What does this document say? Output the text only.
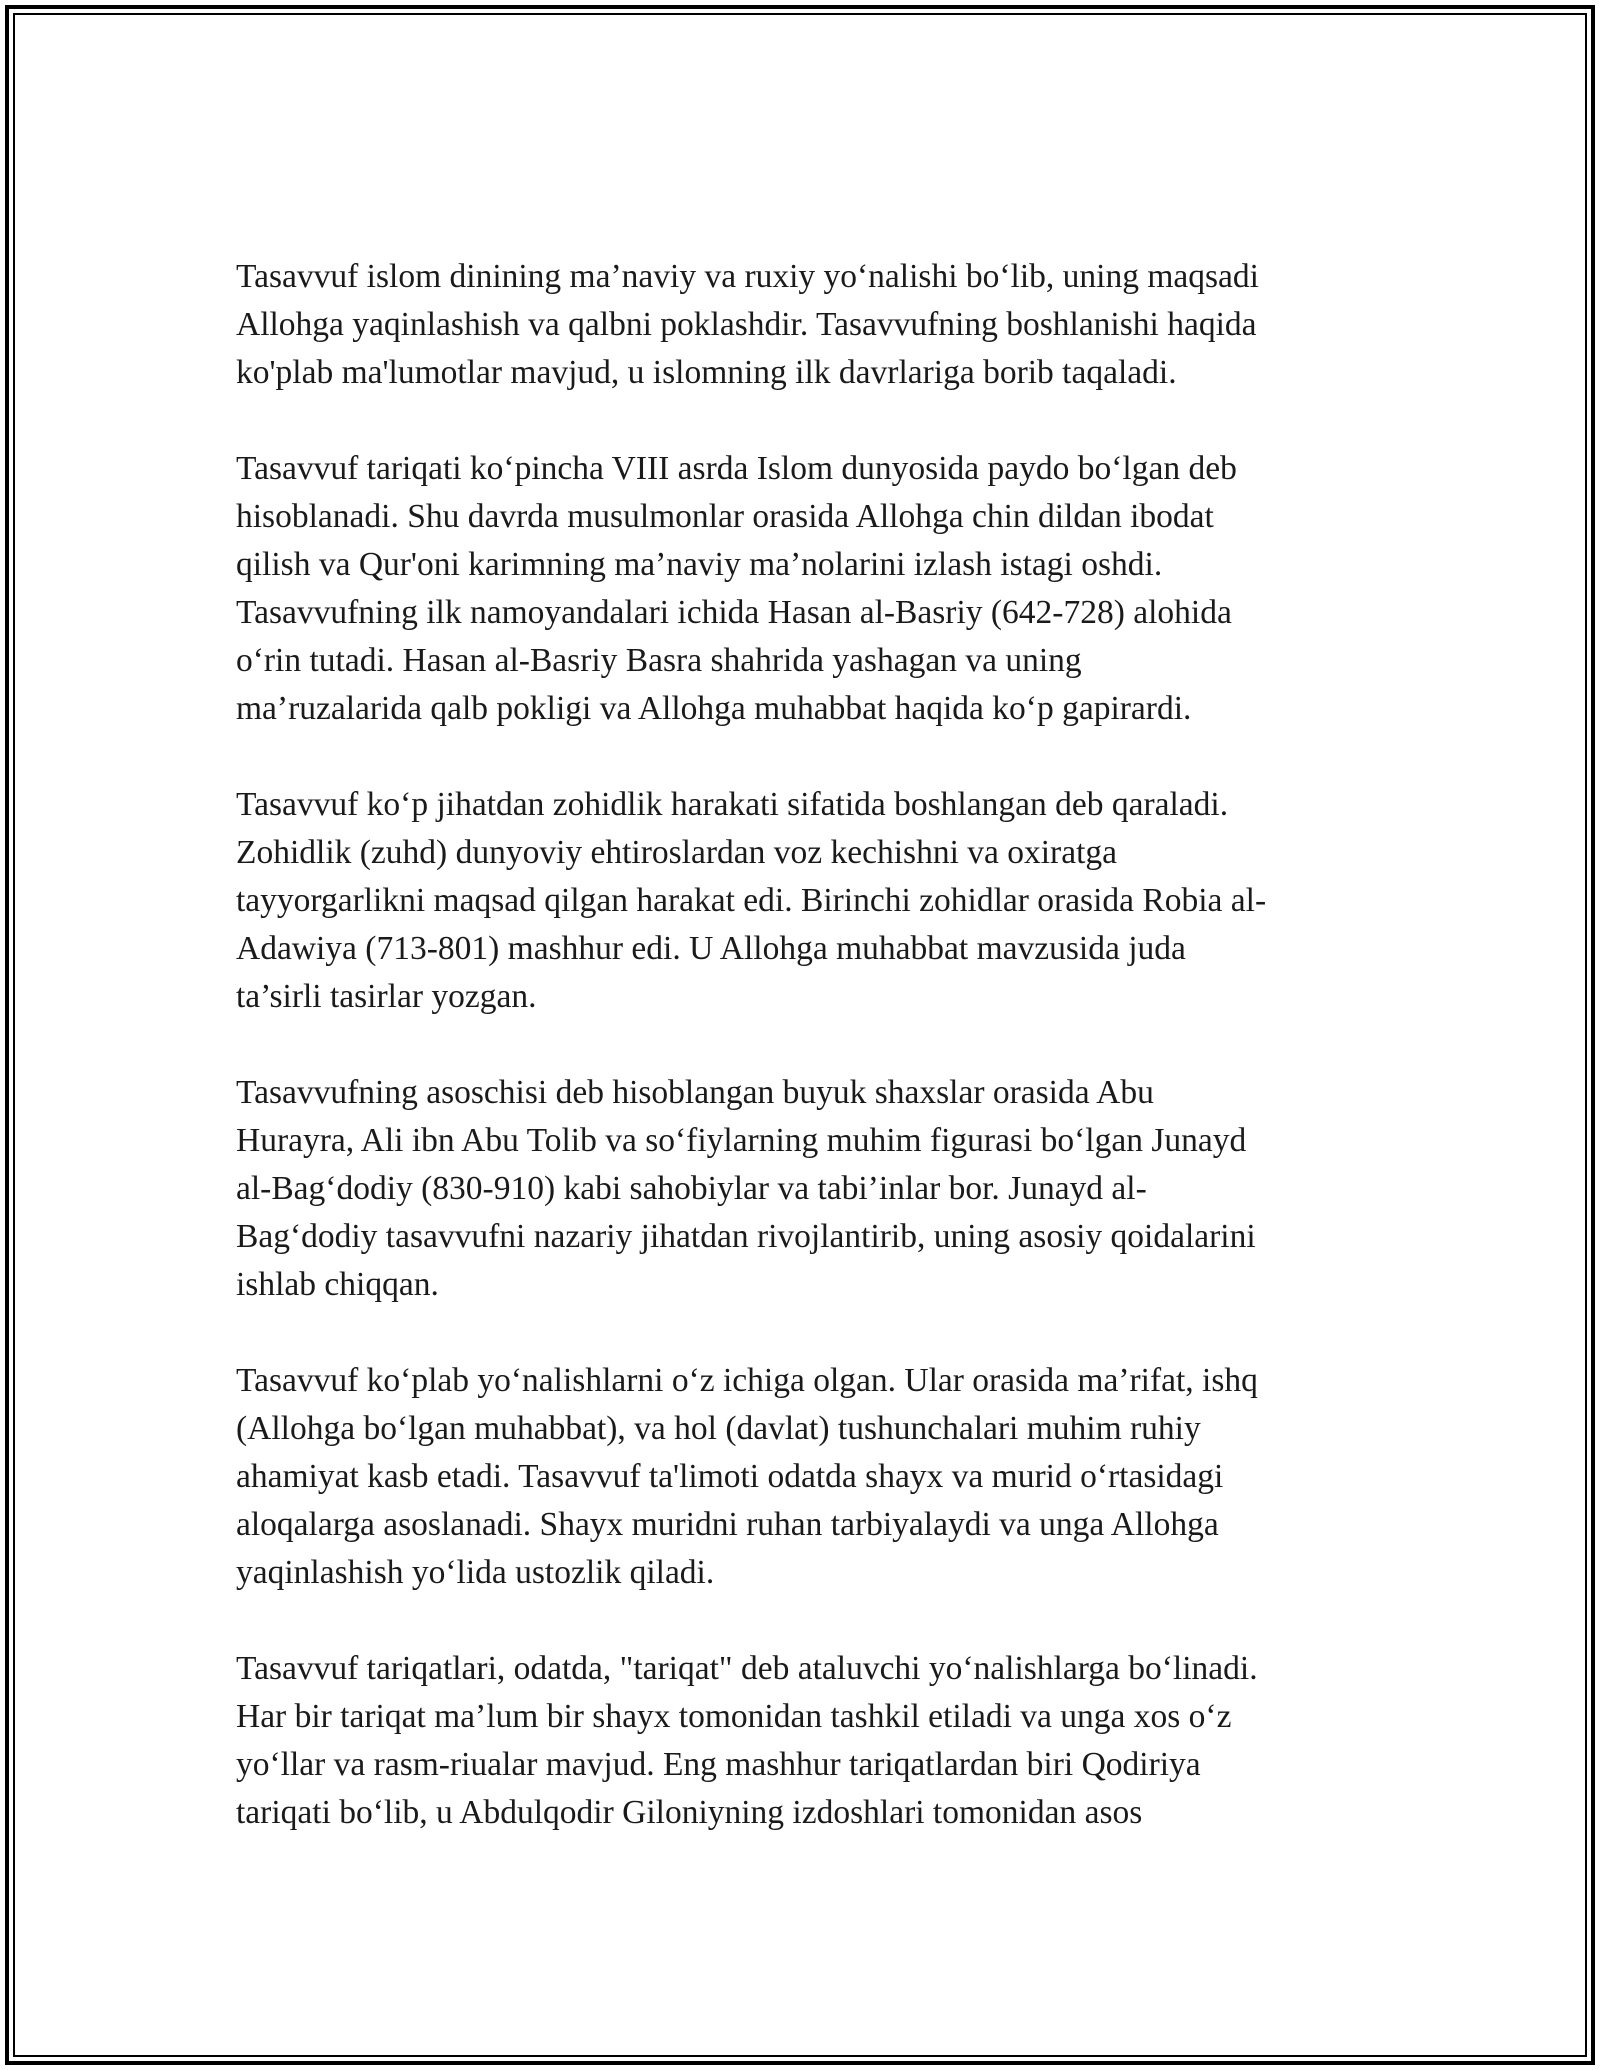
Tasavvuf islom dinining ma’naviy va ruxiy yo‘nalishi bo‘lib, uning maqsadi
Allohga yaqinlashish va qalbni poklashdir. Tasavvufning boshlanishi haqida
ko'plab ma'lumotlar mavjud, u islomning ilk davrlariga borib taqaladi.
Tasavvuf tariqati ko‘pincha VIII asrda Islom dunyosida paydo bo‘lgan deb
hisoblanadi. Shu davrda musulmonlar orasida Allohga chin dildan ibodat
qilish va Qur'oni karimning ma’naviy ma’nolarini izlash istagi oshdi.
Tasavvufning ilk namoyandalari ichida Hasan al-Basriy (642-728) alohida
o‘rin tutadi. Hasan al-Basriy Basra shahrida yashagan va uning
ma’ruzalarida qalb pokligi va Allohga muhabbat haqida ko‘p gapirardi.
Tasavvuf ko‘p jihatdan zohidlik harakati sifatida boshlangan deb qaraladi.
Zohidlik (zuhd) dunyoviy ehtiroslardan voz kechishni va oxiratga
tayyorgarlikni maqsad qilgan harakat edi. Birinchi zohidlar orasida Robia al-
Adawiya (713-801) mashhur edi. U Allohga muhabbat mavzusida juda
ta’sirli tasirlar yozgan.
Tasavvufning asoschisi deb hisoblangan buyuk shaxslar orasida Abu
Hurayra, Ali ibn Abu Tolib va so‘fiylarning muhim figurasi bo‘lgan Junayd
al-Bag‘dodiy (830-910) kabi sahobiylar va tabi’inlar bor. Junayd al-
Bag‘dodiy tasavvufni nazariy jihatdan rivojlantirib, uning asosiy qoidalarini
ishlab chiqqan.
Tasavvuf ko‘plab yo‘nalishlarni o‘z ichiga olgan. Ular orasida ma’rifat, ishq
(Allohga bo‘lgan muhabbat), va hol (davlat) tushunchalari muhim ruhiy
ahamiyat kasb etadi. Tasavvuf ta'limoti odatda shayx va murid o‘rtasidagi
aloqalarga asoslanadi. Shayx muridni ruhan tarbiyalaydi va unga Allohga
yaqinlashish yo‘lida ustozlik qiladi.
Tasavvuf tariqatlari, odatda, "tariqat" deb ataluvchi yo‘nalishlarga bo‘linadi.
Har bir tariqat ma’lum bir shayx tomonidan tashkil etiladi va unga xos o‘z
yo‘llar va rasm-riualar mavjud. Eng mashhur tariqatlardan biri Qodiriya
tariqati bo‘lib, u Abdulqodir Giloniyning izdoshlari tomonidan asos
